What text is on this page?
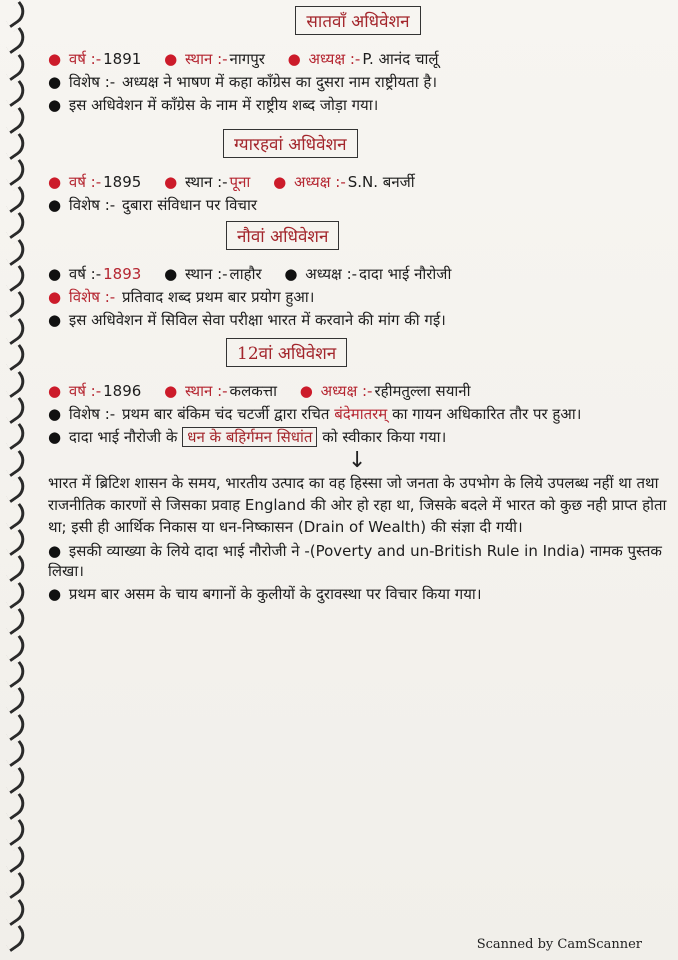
सातवाँ अधिवेशन
● वर्ष :- 1891 ● स्थान :- नागपुर ● अध्यक्ष :- P. आनंद चार्लू
● विशेष :- अध्यक्ष ने भाषण में कहा कॉंग्रेस का दुसरा नाम राष्ट्रीयता है।
● इस अधिवेशन में कॉंग्रेस के नाम में राष्ट्रीय शब्द जोड़ा गया।
ग्यारहवां अधिवेशन
● वर्ष :- 1895 ● स्थान :- पूना ● अध्यक्ष :- S.N. बनर्जी
● विशेष :- दुबारा संविधान पर विचार
नौवां अधिवेशन
● वर्ष :- 1893 ● स्थान :- लाहौर ● अध्यक्ष :- दादा भाई नौरोजी
● विशेष :- प्रतिवाद शब्द प्रथम बार प्रयोग हुआ।
● इस अधिवेशन में सिविल सेवा परीक्षा भारत में करवाने की मांग की गई।
12वां अधिवेशन
● वर्ष :- 1896 ● स्थान :- कलकत्ता ● अध्यक्ष :- रहीमतुल्ला सयानी
● विशेष :- प्रथम बार बंकिम चंद चटर्जी द्वारा रचित बंदेमातरम् का गायन अधिकारित तौर पर हुआ।
● दादा भाई नौरोजी के धन के बहिर्गमन सिधांत को स्वीकार किया गया।
↓

भारत में ब्रिटिश शासन के समय, भारतीय उत्पाद का वह हिस्सा जो जनता के उपभोग के लिये उपलब्ध नहीं था तथा राजनीतिक कारणों से जिसका प्रवाह England की ओर हो रहा था, जिसके बदले में भारत को कुछ नही प्राप्त होता था; इसी ही आर्थिक निकास या धन-निष्कासन (Drain of Wealth) की संज्ञा दी गयी।

● इसकी व्याख्या के लिये दादा भाई नौरोजी ने -(Poverty and un-British Rule in India) नामक पुस्तक लिखा।
● प्रथम बार असम के चाय बगानों के कुलीयों के दुरावस्था पर विचार किया गया।
Scanned by CamScanner
